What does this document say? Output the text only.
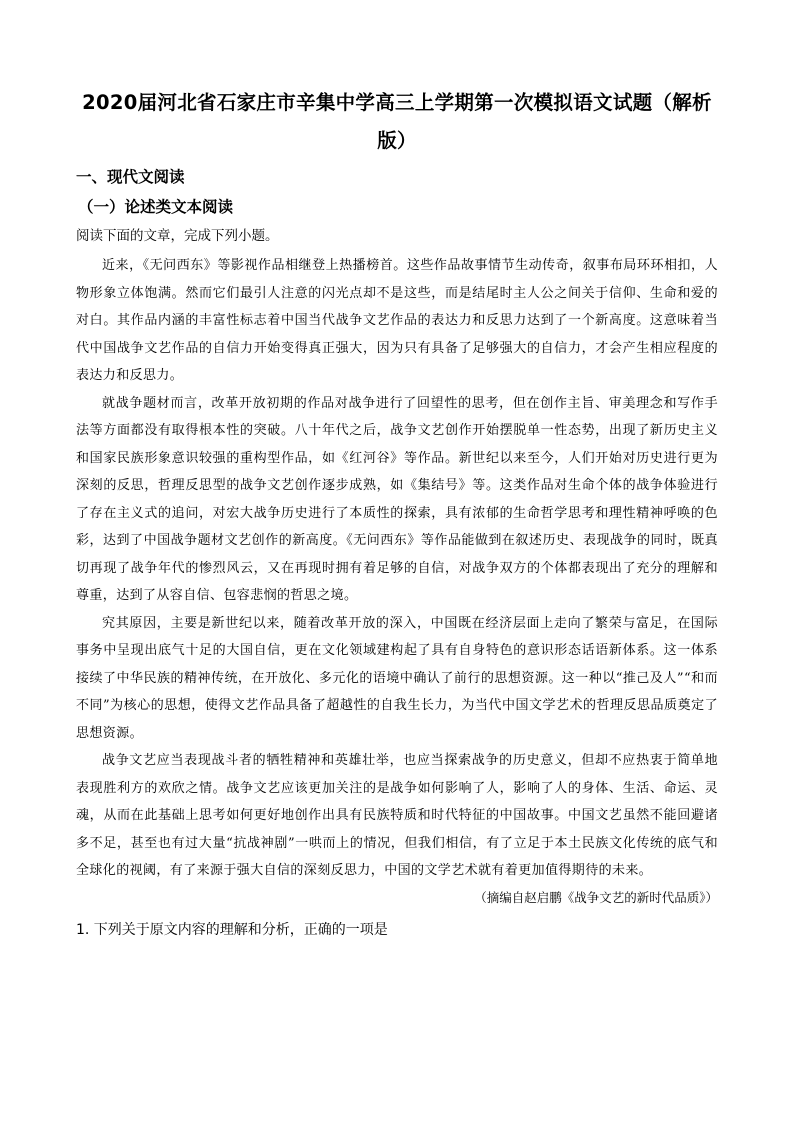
2020届河北省石家庄市辛集中学高三上学期第一次模拟语文试题（解析版）
一、现代文阅读
（一）论述类文本阅读
阅读下面的文章，完成下列小题。

近来，《无问西东》等影视作品相继登上热播榜首。这些作品故事情节生动传奇，叙事布局环环相扣，人物形象立体饱满。然而它们最引人注意的闪光点却不是这些，而是结尾时主人公之间关于信仰、生命和爱的对白。其作品内涵的丰富性标志着中国当代战争文艺作品的表达力和反思力达到了一个新高度。这意味着当代中国战争文艺作品的自信力开始变得真正强大，因为只有具备了足够强大的自信力，才会产生相应程度的表达力和反思力。

就战争题材而言，改革开放初期的作品对战争进行了回望性的思考，但在创作主旨、审美理念和写作手法等方面都没有取得根本性的突破。八十年代之后，战争文艺创作开始摆脱单一性态势，出现了新历史主义和国家民族形象意识较强的重构型作品，如《红河谷》等作品。新世纪以来至今，人们开始对历史进行更为深刻的反思，哲理反思型的战争文艺创作逐步成熟，如《集结号》等。这类作品对生命个体的战争体验进行了存在主义式的追问，对宏大战争历史进行了本质性的探索，具有浓郁的生命哲学思考和理性精神呼唤的色彩，达到了中国战争题材文艺创作的新高度。《无问西东》等作品能做到在叙述历史、表现战争的同时，既真切再现了战争年代的惨烈风云，又在再现时拥有着足够的自信，对战争双方的个体都表现出了充分的理解和尊重，达到了从容自信、包容悲悯的哲思之境。

究其原因，主要是新世纪以来，随着改革开放的深入，中国既在经济层面上走向了繁荣与富足，在国际事务中呈现出底气十足的大国自信，更在文化领域建构起了具有自身特色的意识形态话语新体系。这一体系接续了中华民族的精神传统，在开放化、多元化的语境中确认了前行的思想资源。这一种以“推己及人”“和而不同”为核心的思想，使得文艺作品具备了超越性的自我生长力，为当代中国文学艺术的哲理反思品质奠定了思想资源。

战争文艺应当表现战斗者的牺牲精神和英雄壮举，也应当探索战争的历史意义，但却不应热衷于简单地表现胜利方的欢欣之情。战争文艺应该更加关注的是战争如何影响了人，影响了人的身体、生活、命运、灵魂，从而在此基础上思考如何更好地创作出具有民族特质和时代特征的中国故事。中国文艺虽然不能回避诸多不足，甚至也有过大量“抗战神剧”一哄而上的情况，但我们相信，有了立足于本土民族文化传统的底气和全球化的视阈，有了来源于强大自信的深刻反思力，中国的文学艺术就有着更加值得期待的未来。

（摘编自赵启鹏《战争文艺的新时代品质》）
1. 下列关于原文内容的理解和分析，正确的一项是
